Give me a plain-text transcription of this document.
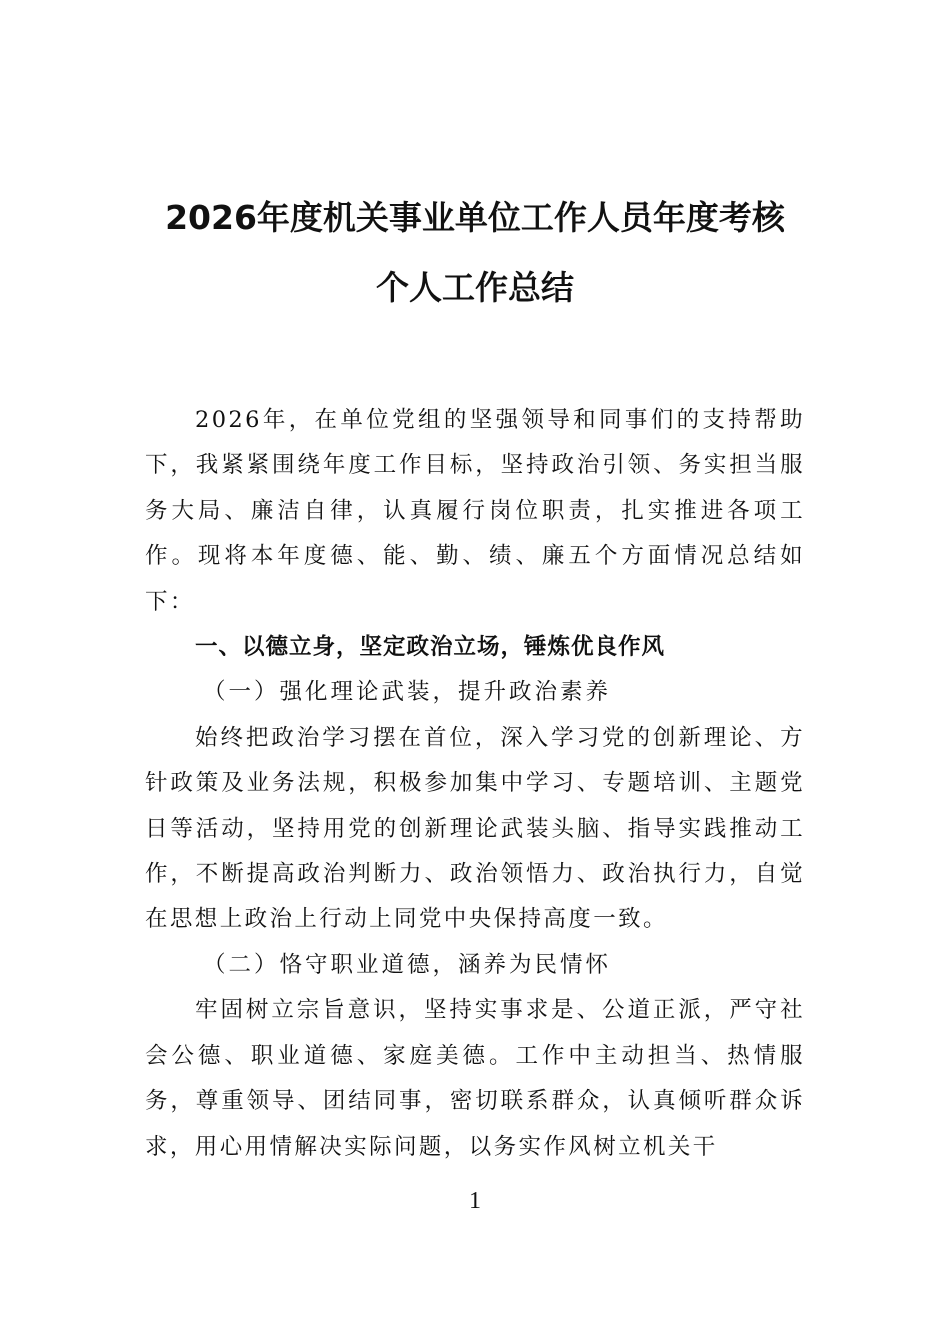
2026年度机关事业单位工作人员年度考核
个人工作总结

2026年，在单位党组的坚强领导和同事们的支持帮助下，我紧紧围绕年度工作目标，坚持政治引领、务实担当服务大局、廉洁自律，认真履行岗位职责，扎实推进各项工作。现将本年度德、能、勤、绩、廉五个方面情况总结如下：

一、以德立身，坚定政治立场，锤炼优良作风

（一）强化理论武装，提升政治素养

始终把政治学习摆在首位，深入学习党的创新理论、方针政策及业务法规，积极参加集中学习、专题培训、主题党日等活动，坚持用党的创新理论武装头脑、指导实践推动工作，不断提高政治判断力、政治领悟力、政治执行力，自觉在思想上政治上行动上同党中央保持高度一致。

（二）恪守职业道德，涵养为民情怀

牢固树立宗旨意识，坚持实事求是、公道正派，严守社会公德、职业道德、家庭美德。工作中主动担当、热情服务，尊重领导、团结同事，密切联系群众，认真倾听群众诉求，用心用情解决实际问题，以务实作风树立机关干

1
